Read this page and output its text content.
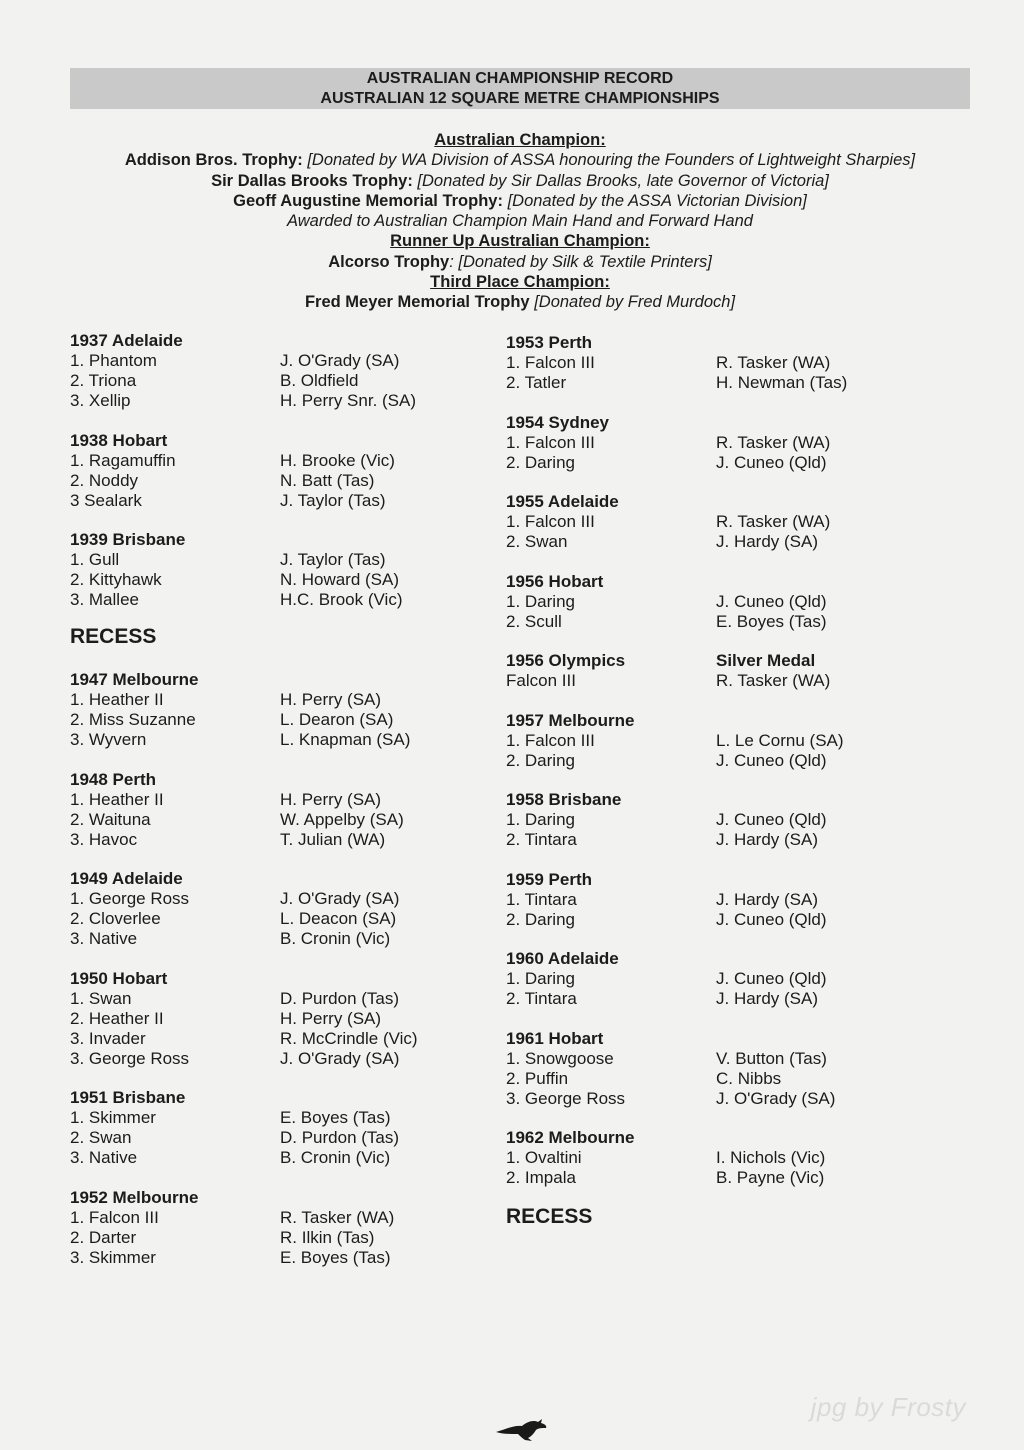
AUSTRALIAN CHAMPIONSHIP RECORD
AUSTRALIAN 12 SQUARE METRE CHAMPIONSHIPS
Australian Champion:
Addison Bros. Trophy: [Donated by WA Division of ASSA honouring the Founders of Lightweight Sharpies]
Sir Dallas Brooks Trophy: [Donated by Sir Dallas Brooks, late Governor of Victoria]
Geoff Augustine Memorial Trophy: [Donated by the ASSA Victorian Division]
Awarded to Australian Champion Main Hand and Forward Hand
Runner Up Australian Champion:
Alcorso Trophy: [Donated by Silk & Textile Printers]
Third Place Champion:
Fred Meyer Memorial Trophy [Donated by Fred Murdoch]
1937 Adelaide
1. Phantom	J. O'Grady (SA)
2. Triona	B. Oldfield
3. Xellip	H. Perry Snr. (SA)
1938 Hobart
1. Ragamuffin	H. Brooke (Vic)
2. Noddy	N. Batt (Tas)
3 Sealark	J. Taylor (Tas)
1939 Brisbane
1. Gull	J. Taylor (Tas)
2. Kittyhawk	N. Howard (SA)
3. Mallee	H.C. Brook (Vic)
RECESS
1947 Melbourne
1. Heather II	H. Perry (SA)
2. Miss Suzanne	L. Dearon (SA)
3. Wyvern	L. Knapman (SA)
1948 Perth
1. Heather II	H. Perry (SA)
2. Waituna	W. Appelby (SA)
3. Havoc	T. Julian (WA)
1949 Adelaide
1. George Ross	J. O'Grady (SA)
2. Cloverlee	L. Deacon (SA)
3. Native	B. Cronin (Vic)
1950 Hobart
1. Swan	D. Purdon (Tas)
2. Heather II	H. Perry (SA)
3. Invader	R. McCrindle (Vic)
3. George Ross	J. O'Grady (SA)
1951 Brisbane
1. Skimmer	E. Boyes (Tas)
2. Swan	D. Purdon (Tas)
3. Native	B. Cronin (Vic)
1952 Melbourne
1. Falcon III	R. Tasker (WA)
2. Darter	R. Ilkin (Tas)
3. Skimmer	E. Boyes (Tas)
1953 Perth
1. Falcon III	R. Tasker (WA)
2. Tatler	H. Newman (Tas)
1954 Sydney
1. Falcon III	R. Tasker (WA)
2. Daring	J. Cuneo (Qld)
1955 Adelaide
1. Falcon III	R. Tasker (WA)
2. Swan	J. Hardy (SA)
1956 Hobart
1. Daring	J. Cuneo (Qld)
2. Scull	E. Boyes (Tas)
1956 Olympics	Silver Medal
Falcon III	R. Tasker (WA)
1957 Melbourne
1. Falcon III	L. Le Cornu (SA)
2. Daring	J. Cuneo (Qld)
1958 Brisbane
1. Daring	J. Cuneo (Qld)
2. Tintara	J. Hardy (SA)
1959 Perth
1. Tintara	J. Hardy (SA)
2. Daring	J. Cuneo (Qld)
1960 Adelaide
1. Daring	J. Cuneo (Qld)
2. Tintara	J. Hardy (SA)
1961 Hobart
1. Snowgoose	V. Button (Tas)
2. Puffin	C. Nibbs
3. George Ross	J. O'Grady (SA)
1962 Melbourne
1. Ovaltini	I. Nichols (Vic)
2. Impala	B. Payne (Vic)
RECESS
jpg by Frosty
